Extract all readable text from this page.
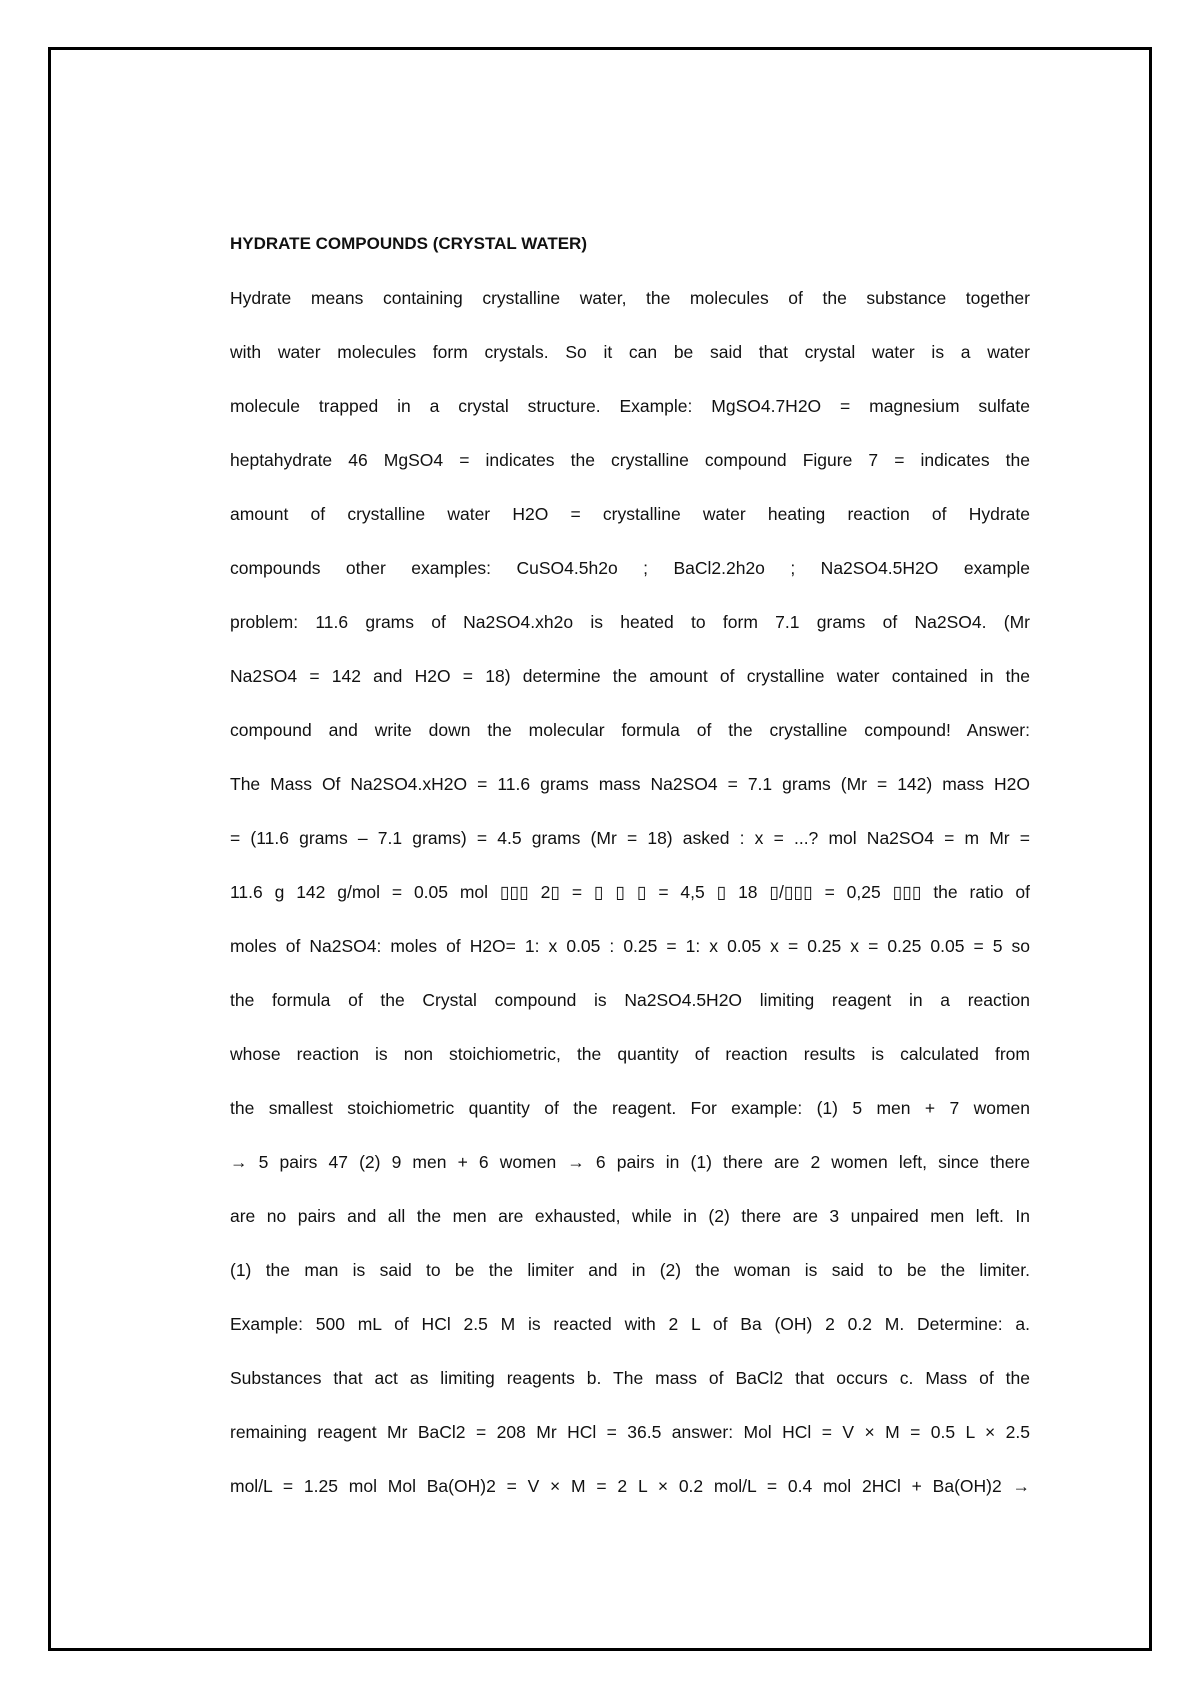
HYDRATE COMPOUNDS (CRYSTAL WATER)
Hydrate means containing crystalline water, the molecules of the substance together
with water molecules form crystals. So it can be said that crystal water is a water
molecule trapped in a crystal structure. Example: MgSO4.7H2O = magnesium sulfate
heptahydrate 46 MgSO4 = indicates the crystalline compound Figure 7 = indicates the
amount of crystalline water H2O = crystalline water heating reaction of Hydrate
compounds other examples: CuSO4.5h2o ; BaCl2.2h2o ; Na2SO4.5H2O example
problem: 11.6 grams of Na2SO4.xh2o is heated to form 7.1 grams of Na2SO4. (Mr
Na2SO4 = 142 and H2O = 18) determine the amount of crystalline water contained in the
compound and write down the molecular formula of the crystalline compound! Answer:
The Mass Of Na2SO4.xH2O = 11.6 grams mass Na2SO4 = 7.1 grams (Mr = 142) mass H2O
= (11.6 grams – 7.1 grams) = 4.5 grams (Mr = 18) asked : x = ...? mol Na2SO4 = m Mr =
11.6 g 142 g/mol = 0.05 mol ▯▯▯ 2▯ = ▯ ▯ ▯ = 4,5 ▯ 18 ▯/▯▯▯ = 0,25 ▯▯▯ the ratio of
moles of Na2SO4: moles of H2O= 1: x 0.05 : 0.25 = 1: x 0.05 x = 0.25 x = 0.25 0.05 = 5 so
the formula of the Crystal compound is Na2SO4.5H2O limiting reagent in a reaction
whose reaction is non stoichiometric, the quantity of reaction results is calculated from
the smallest stoichiometric quantity of the reagent. For example: (1) 5 men + 7 women
→ 5 pairs 47 (2) 9 men + 6 women → 6 pairs in (1) there are 2 women left, since there
are no pairs and all the men are exhausted, while in (2) there are 3 unpaired men left. In
(1) the man is said to be the limiter and in (2) the woman is said to be the limiter.
Example: 500 mL of HCl 2.5 M is reacted with 2 L of Ba (OH) 2 0.2 M. Determine: a.
Substances that act as limiting reagents b. The mass of BaCl2 that occurs c. Mass of the
remaining reagent Mr BaCl2 = 208 Mr HCl = 36.5 answer: Mol HCl = V × M = 0.5 L × 2.5
mol/L = 1.25 mol Mol Ba(OH)2 = V × M = 2 L × 0.2 mol/L = 0.4 mol 2HCl + Ba(OH)2 →
